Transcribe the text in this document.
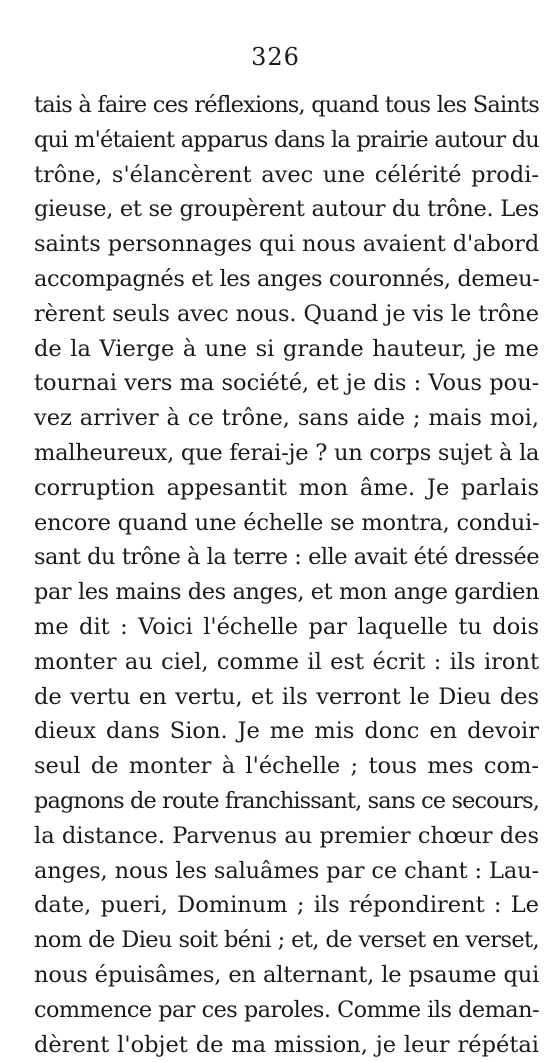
326
tais à faire ces réflexions, quand tous les Saints
qui m'étaient apparus dans la prairie autour du
trône, s'élancèrent avec une célérité prodi-
gieuse, et se groupèrent autour du trône. Les
saints personnages qui nous avaient d'abord
accompagnés et les anges couronnés, demeu-
rèrent seuls avec nous. Quand je vis le trône
de la Vierge à une si grande hauteur, je me
tournai vers ma société, et je dis : Vous pou-
vez arriver à ce trône, sans aide ; mais moi,
malheureux, que ferai-je ? un corps sujet à la
corruption appesantit mon âme. Je parlais
encore quand une échelle se montra, condui-
sant du trône à la terre : elle avait été dressée
par les mains des anges, et mon ange gardien
me dit : Voici l'échelle par laquelle tu dois
monter au ciel, comme il est écrit : ils iront
de vertu en vertu, et ils verront le Dieu des
dieux dans Sion. Je me mis donc en devoir
seul de monter à l'échelle ; tous mes com-
pagnons de route franchissant, sans ce secours,
la distance. Parvenus au premier chœur des
anges, nous les saluâmes par ce chant : Lau-
date, pueri, Dominum ; ils répondirent : Le
nom de Dieu soit béni ; et, de verset en verset,
nous épuisâmes, en alternant, le psaume qui
commence par ces paroles. Comme ils deman-
dèrent l'objet de ma mission, je leur répétai
